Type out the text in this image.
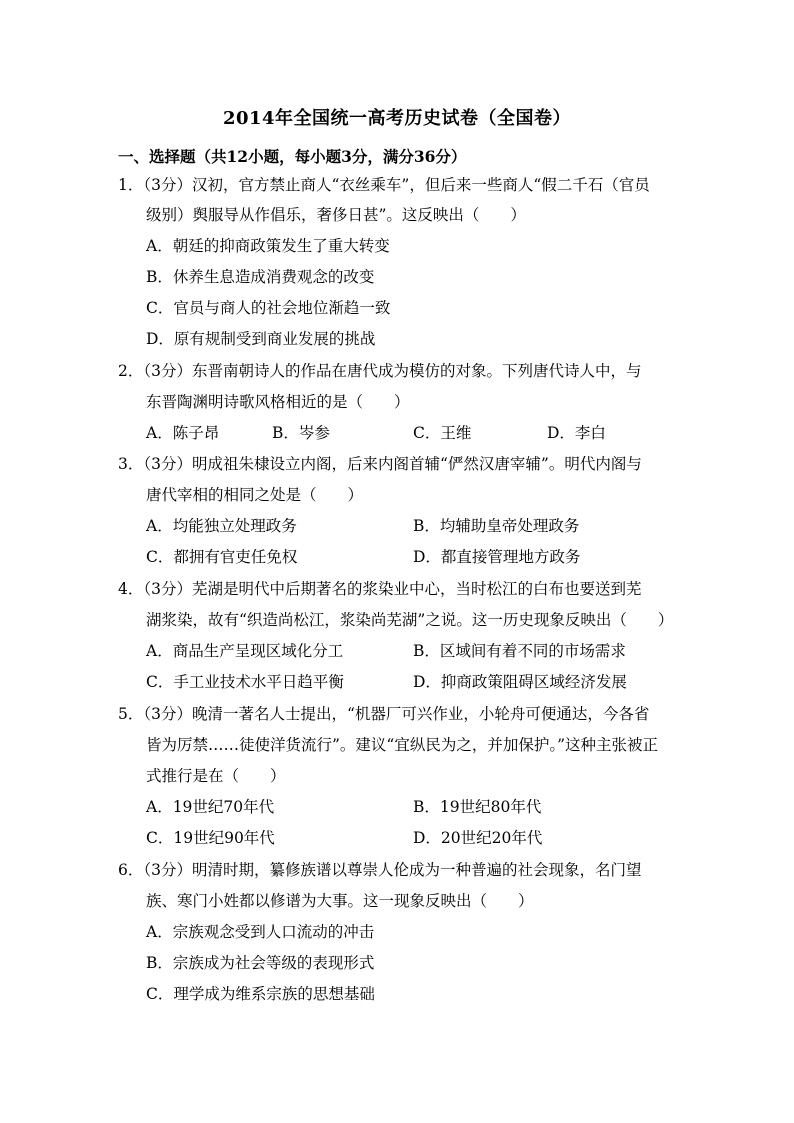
2014年全国统一高考历史试卷（全国卷）
一、选择题（共12小题，每小题3分，满分36分）
1．（3分）汉初，官方禁止商人“衣丝乘车”，但后来一些商人“假二千石（官员
级别）舆服导从作倡乐，奢侈日甚”。这反映出（　　）
A．朝廷的抑商政策发生了重大转变
B．休养生息造成消费观念的改变
C．官员与商人的社会地位渐趋一致
D．原有规制受到商业发展的挑战
2．（3分）东晋南朝诗人的作品在唐代成为模仿的对象。下列唐代诗人中，与
东晋陶渊明诗歌风格相近的是（　　）
A．陈子昂	B．岑参	C．王维	D．李白
3．（3分）明成祖朱棣设立内阁，后来内阁首辅“俨然汉唐宰辅”。明代内阁与
唐代宰相的相同之处是（　　）
A．均能独立处理政务	B．均辅助皇帝处理政务
C．都拥有官吏任免权	D．都直接管理地方政务
4．（3分）芜湖是明代中后期著名的浆染业中心，当时松江的白布也要送到芜
湖浆染，故有“织造尚松江，浆染尚芜湖”之说。这一历史现象反映出（　　）
A．商品生产呈现区域化分工	B．区域间有着不同的市场需求
C．手工业技术水平日趋平衡	D．抑商政策阻碍区域经济发展
5．（3分）晚清一著名人士提出，“机器厂可兴作业，小轮舟可便通达，今各省
皆为厉禁……徒使洋货流行”。建议“宜纵民为之，并加保护。”这种主张被正
式推行是在（　　）
A．19世纪70年代	B．19世纪80年代
C．19世纪90年代	D．20世纪20年代
6．（3分）明清时期，纂修族谱以尊崇人伦成为一种普遍的社会现象，名门望
族、寒门小姓都以修谱为大事。这一现象反映出（　　）
A．宗族观念受到人口流动的冲击
B．宗族成为社会等级的表现形式
C．理学成为维系宗族的思想基础
